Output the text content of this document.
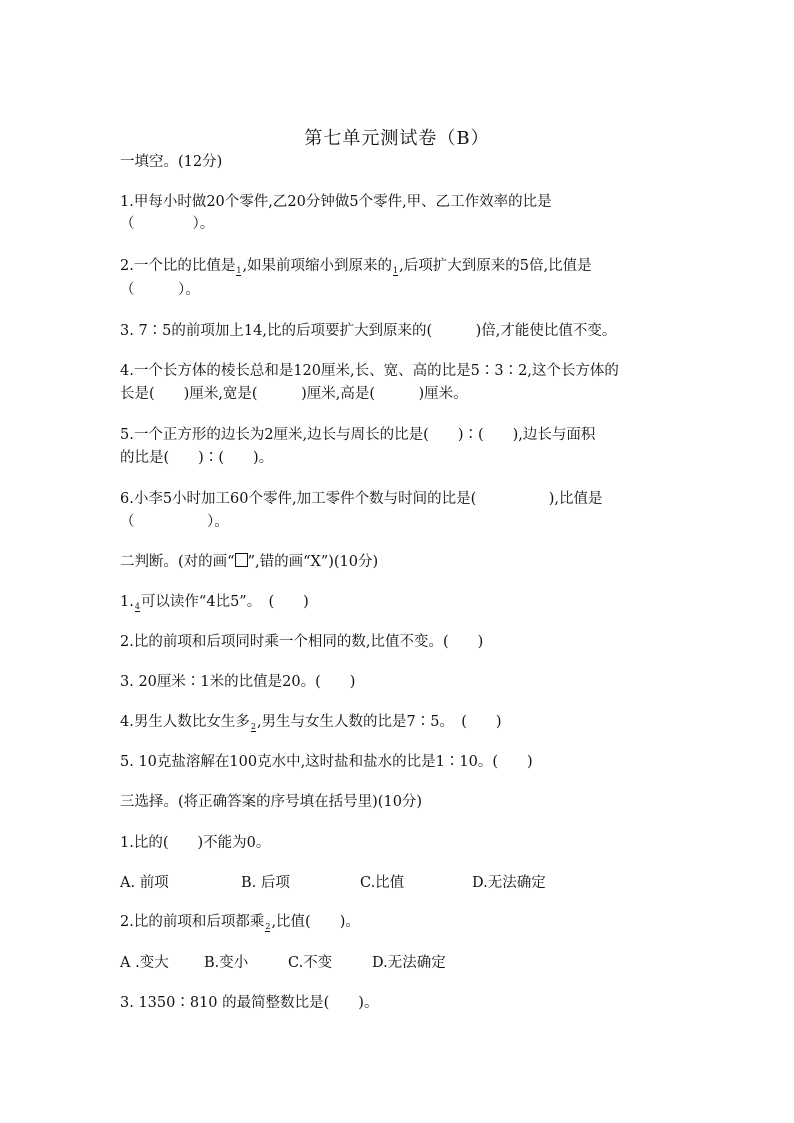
第七单元测试卷（B）
一填空。(12分)
1.甲每小时做20个零件,乙20分钟做5个零件,甲、乙工作效率的比是
（　　　　）。
2.一个比的比值是 1 ,如果前项缩小到原来的 1 ,后项扩大到原来的5倍,比值是
（　　　）。
3. 7∶5的前项加上14,比的后项要扩大到原来的(　　　)倍,才能使比值不变。
4.一个长方体的棱长总和是120厘米,长、宽、高的比是5∶3∶2,这个长方体的
长是(　　)厘米,宽是(　　　)厘米,高是(　　　)厘米。
5.一个正方形的边长为2厘米,边长与周长的比是(　　)∶(　　),边长与面积
的比是(　　)∶(　　)。
6.小李5小时加工60个零件,加工零件个数与时间的比是(　　　　　),比值是
（　　　　　）。
二判断。(对的画“ ”,错的画“X”)(10分)
1. 4 可以读作“4比5”。　(　　)
2.比的前项和后项同时乘一个相同的数,比值不变。(　　)
3. 20厘米∶1米的比值是20。(　　)
4.男生人数比女生多 2 ,男生与女生人数的比是7∶5。　(　　)
5. 10克盐溶解在100克水中,这时盐和盐水的比是1∶10。(　　)
三选择。(将正确答案的序号填在括号里)(10分)
1.比的(　　)不能为0。
A. 前项	B. 后项	C.比值	D.无法确定
2.比的前项和后项都乘 2 ,比值(　　)。
A .变大 B.变小	C.不变	D.无法确定
3. 1350∶810 的最简整数比是(　　)。
